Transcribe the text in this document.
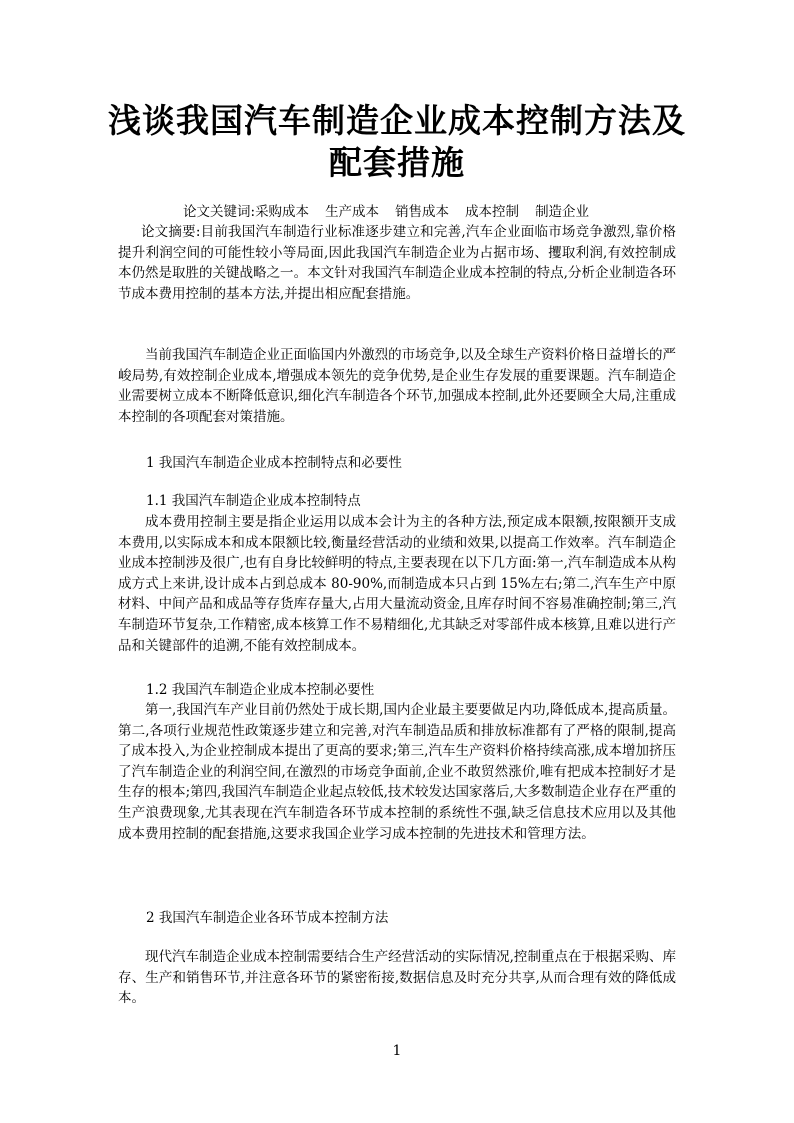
浅谈我国汽车制造企业成本控制方法及
配套措施
论文关键词:采购成本 生产成本 销售成本 成本控制 制造企业

论文摘要:目前我国汽车制造行业标准逐步建立和完善,汽车企业面临市场竞争激烈,靠价格提升利润空间的可能性较小等局面,因此我国汽车制造企业为占据市场、攫取利润,有效控制成本仍然是取胜的关键战略之一。本文针对我国汽车制造企业成本控制的特点,分析企业制造各环节成本费用控制的基本方法,并提出相应配套措施。

当前我国汽车制造企业正面临国内外激烈的市场竞争,以及全球生产资料价格日益增长的严峻局势,有效控制企业成本,增强成本领先的竞争优势,是企业生存发展的重要课题。汽车制造企业需要树立成本不断降低意识,细化汽车制造各个环节,加强成本控制,此外还要顾全大局,注重成本控制的各项配套对策措施。

1 我国汽车制造企业成本控制特点和必要性
1.1 我国汽车制造企业成本控制特点

成本费用控制主要是指企业运用以成本会计为主的各种方法,预定成本限额,按限额开支成本费用,以实际成本和成本限额比较,衡量经营活动的业绩和效果,以提高工作效率。汽车制造企业成本控制涉及很广,也有自身比较鲜明的特点,主要表现在以下几方面:第一,汽车制造成本从构成方式上来讲,设计成本占到总成本 80-90%,而制造成本只占到 15%左右;第二,汽车生产中原材料、中间产品和成品等存货库存量大,占用大量流动资金,且库存时间不容易准确控制;第三,汽车制造环节复杂,工作精密,成本核算工作不易精细化,尤其缺乏对零部件成本核算,且难以进行产品和关键部件的追溯,不能有效控制成本。

1.2 我国汽车制造企业成本控制必要性

第一,我国汽车产业目前仍然处于成长期,国内企业最主要要做足内功,降低成本,提高质量。第二,各项行业规范性政策逐步建立和完善,对汽车制造品质和排放标准都有了严格的限制,提高了成本投入,为企业控制成本提出了更高的要求;第三,汽车生产资料价格持续高涨,成本增加挤压了汽车制造企业的利润空间,在激烈的市场竞争面前,企业不敢贸然涨价,唯有把成本控制好才是生存的根本;第四,我国汽车制造企业起点较低,技术较发达国家落后,大多数制造企业存在严重的生产浪费现象,尤其表现在汽车制造各环节成本控制的系统性不强,缺乏信息技术应用以及其他成本费用控制的配套措施,这要求我国企业学习成本控制的先进技术和管理方法。

2 我国汽车制造企业各环节成本控制方法

现代汽车制造企业成本控制需要结合生产经营活动的实际情况,控制重点在于根据采购、库存、生产和销售环节,并注意各环节的紧密衔接,数据信息及时充分共享,从而合理有效的降低成本。

1
